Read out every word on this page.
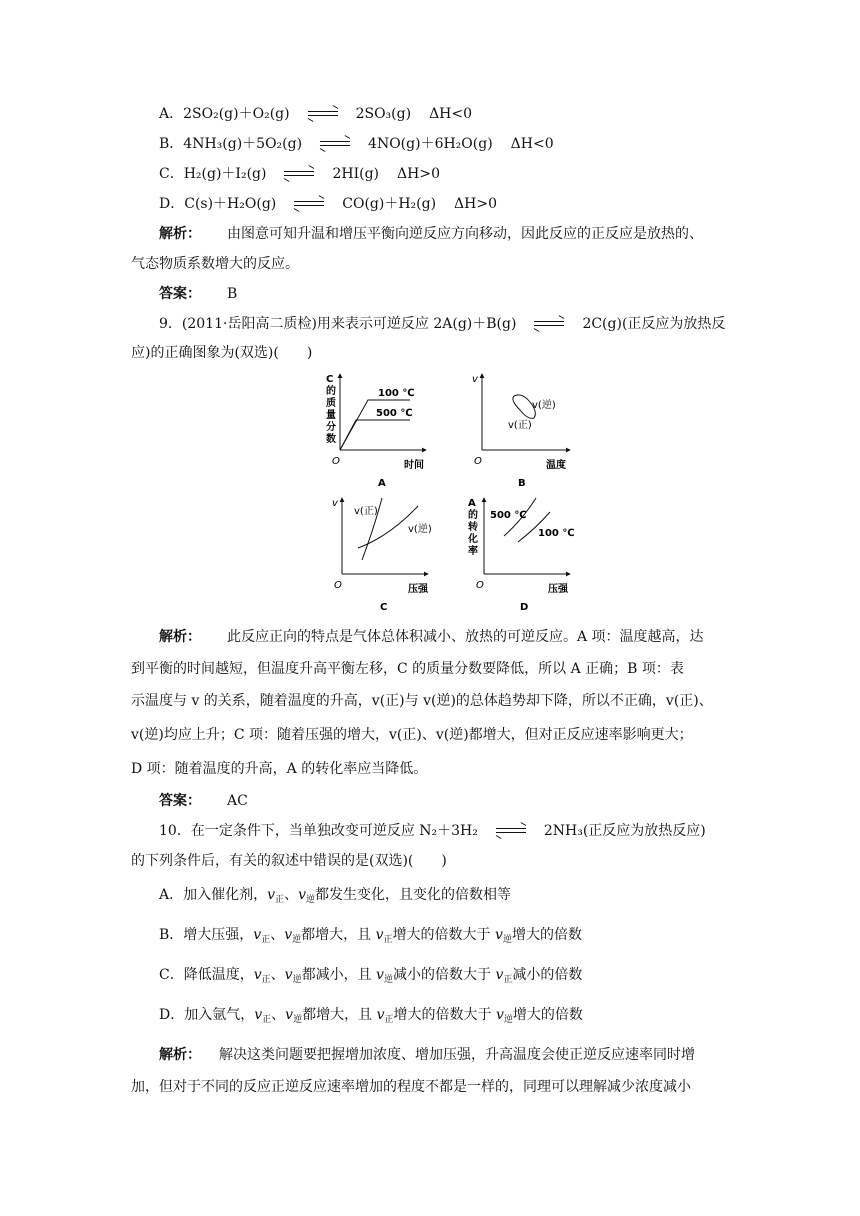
A．2SO₂(g)＋O₂(g)	2SO₃(g) ΔH<0
B．4NH₃(g)＋5O₂(g)	4NO(g)＋6H₂O(g) ΔH<0
C．H₂(g)＋I₂(g)	2HI(g) ΔH>0
D．C(s)＋H₂O(g)	CO(g)＋H₂(g) ΔH>0
解析： 由图意可知升温和增压平衡向逆反应方向移动，因此反应的正反应是放热的、
气态物质系数增大的反应。
答案： B
9．(2011·岳阳高二质检)用来表示可逆反应 2A(g)＋B(g)	2C(g)(正反应为放热反
应)的正确图象为(双选)(　　)
C
的
质
量
分
数
O	时间
100 ℃
500 ℃
A
v
O	温度
v(逆)
v(正)
B
v
O	压强
v(正)
v(逆)
C
A
的
转
化
率
O	压强
500 ℃
100 ℃
D
解析： 此反应正向的特点是气体总体积减小、放热的可逆反应。A 项：温度越高，达
到平衡的时间越短，但温度升高平衡左移，C 的质量分数要降低，所以 A 正确；B 项：表
示温度与 v 的关系，随着温度的升高，v(正)与 v(逆)的总体趋势却下降，所以不正确，v(正)、
v(逆)均应上升；C 项：随着压强的增大，v(正)、v(逆)都增大，但对正反应速率影响更大；
D 项：随着温度的升高，A 的转化率应当降低。
答案： AC
10．在一定条件下，当单独改变可逆反应 N₂＋3H₂	2NH₃(正反应为放热反应)
的下列条件后，有关的叙述中错误的是(双选)(　　)
A．加入催化剂，$v_正$、$v_逆$都发生变化，且变化的倍数相等
B．增大压强，$v_正$、$v_逆$都增大，且 $v_正$增大的倍数大于 $v_逆$增大的倍数
C．降低温度，$v_正$、$v_逆$都减小，且 $v_逆$减小的倍数大于 $v_正$减小的倍数
D．加入氩气，$v_正$、$v_逆$都增大，且 $v_正$增大的倍数大于 $v_逆$增大的倍数
解析： 解决这类问题要把握增加浓度、增加压强，升高温度会使正逆反应速率同时增
加，但对于不同的反应正逆反应速率增加的程度不都是一样的，同理可以理解减少浓度减小
